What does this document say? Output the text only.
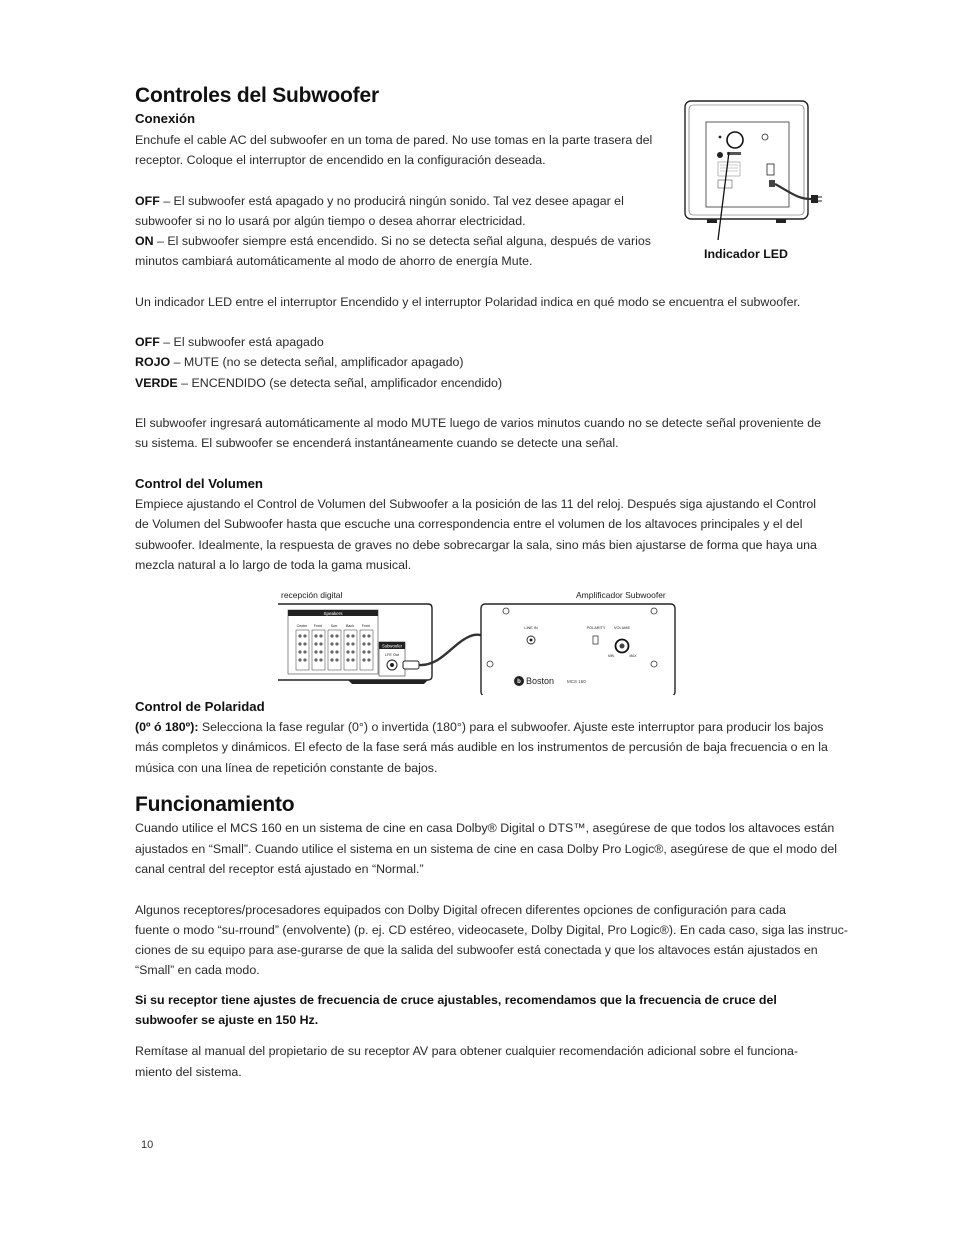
Controles del Subwoofer
Conexión

Enchufe el cable AC del subwoofer en un toma de pared. No use tomas en la parte trasera del

receptor. Coloque el interruptor de encendido en la configuración deseada.

OFF – El subwoofer está apagado y no producirá ningún sonido. Tal vez desee apagar el

subwoofer si no lo usará por algún tiempo o desea ahorrar electricidad.

ON – El subwoofer siempre está encendido. Si no se detecta señal alguna, después de varios

minutos cambiará automáticamente al modo de ahorro de energía Mute.	Indicador LED

Un indicador LED entre el interruptor Encendido y el interruptor Polaridad indica en qué modo se encuentra el subwoofer.

OFF – El subwoofer está apagado

ROJO – MUTE (no se detecta señal, amplificador apagado)

VERDE – ENCENDIDO (se detecta señal, amplificador encendido)

El subwoofer ingresará automáticamente al modo MUTE luego de varios minutos cuando no se detecte señal proveniente de

su sistema. El subwoofer se encenderá instantáneamente cuando se detecte una señal.

Control del Volumen

Empiece ajustando el Control de Volumen del Subwoofer a la posición de las 11 del reloj. Después siga ajustando el Control

de Volumen del Subwoofer hasta que escuche una correspondencia entre el volumen de los altavoces principales y el del

subwoofer. Idealmente, la respuesta de graves no debe sobrecargar la sala, sino más bien ajustarse de forma que haya una

mezcla natural a lo largo de toda la gama musical.

recepción digital	Amplificador Subwoofer
Speakers
Center Front Surr Back Front
Subwoofer
LFE Out
LINE IN	POLARITY VOLUME
MIN	MAX
b Boston	MCS 160
Control de Polaridad

(0º ó 180º): Selecciona la fase regular (0°) o invertida (180°) para el subwoofer. Ajuste este interruptor para producir los bajos

más completos y dinámicos. El efecto de la fase será más audible en los instrumentos de percusión de baja frecuencia o en la

música con una línea de repetición constante de bajos.

Funcionamiento

Cuando utilice el MCS 160 en un sistema de cine en casa Dolby® Digital o DTS™, asegúrese de que todos los altavoces están

ajustados en “Small”. Cuando utilice el sistema en un sistema de cine en casa Dolby Pro Logic®, asegúrese de que el modo del

canal central del receptor está ajustado en “Normal.”

Algunos receptores/procesadores equipados con Dolby Digital ofrecen diferentes opciones de configuración para cada

fuente o modo “su-rround” (envolvente) (p. ej. CD estéreo, videocasete, Dolby Digital, Pro Logic®). En cada caso, siga las instruc-

ciones de su equipo para ase-gurarse de que la salida del subwoofer está conectada y que los altavoces están ajustados en

“Small” en cada modo.

Si su receptor tiene ajustes de frecuencia de cruce ajustables, recomendamos que la frecuencia de cruce del

subwoofer se ajuste en 150 Hz.

Remítase al manual del propietario de su receptor AV para obtener cualquier recomendación adicional sobre el funciona-

miento del sistema.

10
